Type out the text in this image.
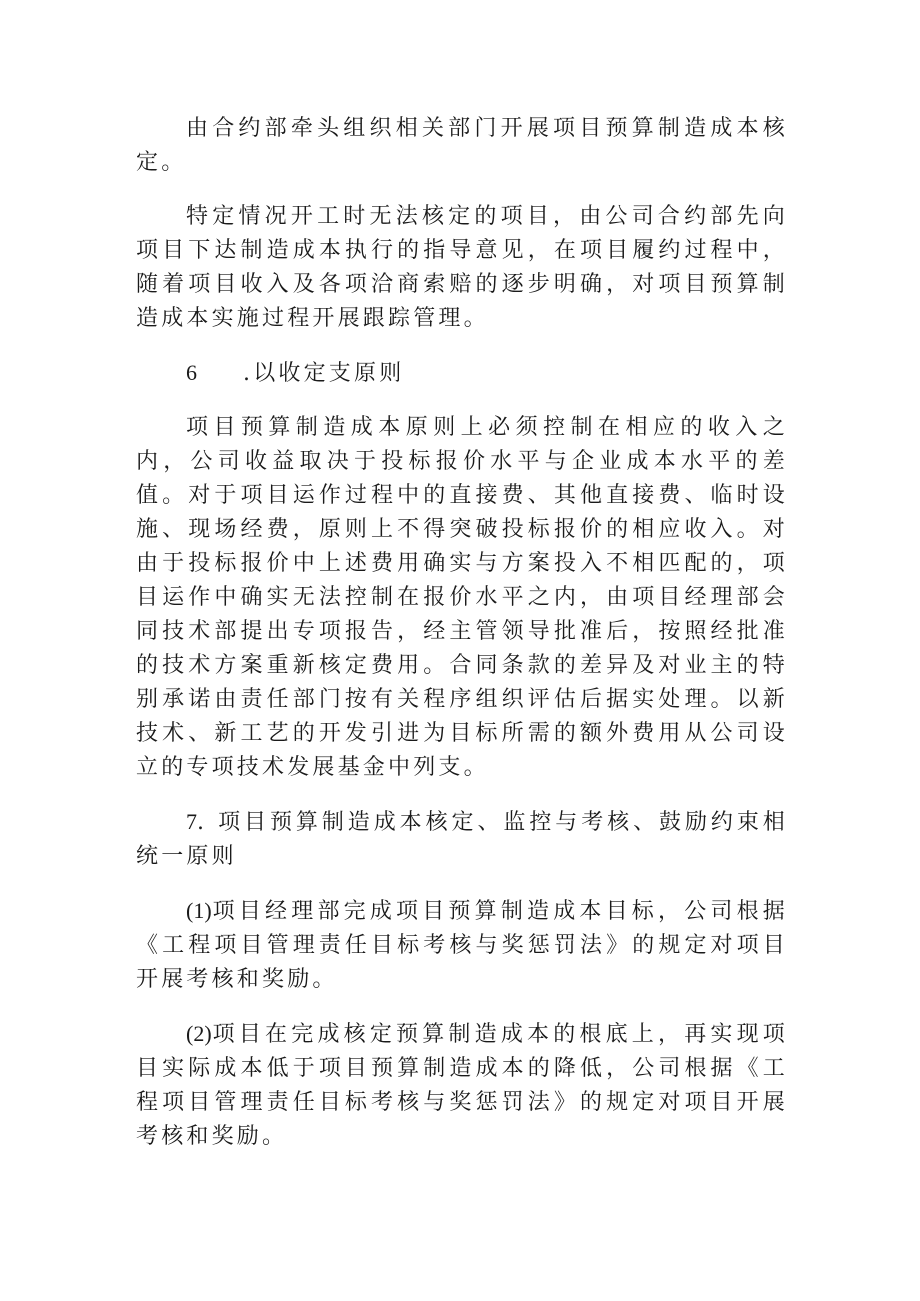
由合约部牵头组织相关部门开展项目预算制造成本核定。

特定情况开工时无法核定的项目，由公司合约部先向项目下达制造成本执行的指导意见，在项目履约过程中，随着项目收入及各项洽商索赔的逐步明确，对项目预算制造成本实施过程开展跟踪管理。

6 .以收定支原则

项目预算制造成本原则上必须控制在相应的收入之内，公司收益取决于投标报价水平与企业成本水平的差值。对于项目运作过程中的直接费、其他直接费、临时设施、现场经费，原则上不得突破投标报价的相应收入。对由于投标报价中上述费用确实与方案投入不相匹配的，项目运作中确实无法控制在报价水平之内，由项目经理部会同技术部提出专项报告，经主管领导批准后，按照经批准的技术方案重新核定费用。合同条款的差异及对业主的特别承诺由责任部门按有关程序组织评估后据实处理。以新技术、新工艺的开发引进为目标所需的额外费用从公司设立的专项技术发展基金中列支。

7. 项目预算制造成本核定、监控与考核、鼓励约束相统一原则

(1)项目经理部完成项目预算制造成本目标，公司根据《工程项目管理责任目标考核与奖惩罚法》的规定对项目开展考核和奖励。

(2)项目在完成核定预算制造成本的根底上，再实现项目实际成本低于项目预算制造成本的降低，公司根据《工程项目管理责任目标考核与奖惩罚法》的规定对项目开展考核和奖励。
